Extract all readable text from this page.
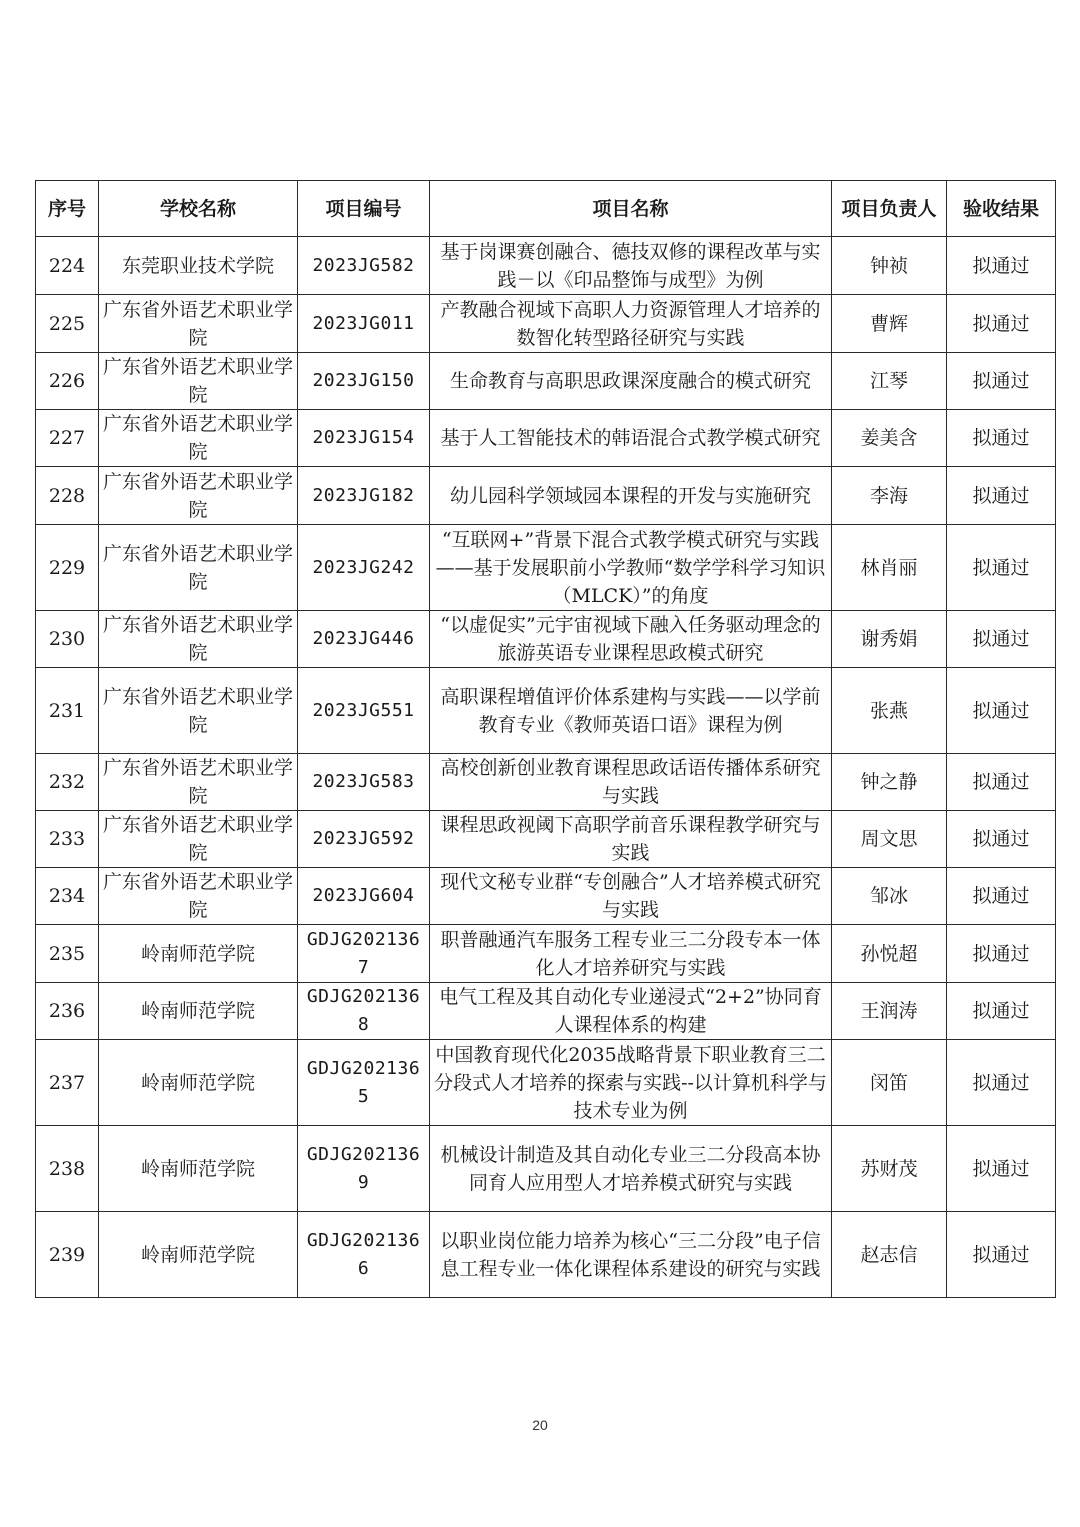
序号	学校名称	项目编号	项目名称	项目负责人	验收结果
224	东莞职业技术学院	2023JG582	基于岗课赛创融合、德技双修的课程改革与实践－以《印品整饰与成型》为例	钟祯	拟通过
225	广东省外语艺术职业学院	2023JG011	产教融合视域下高职人力资源管理人才培养的数智化转型路径研究与实践	曹辉	拟通过
226	广东省外语艺术职业学院	2023JG150	生命教育与高职思政课深度融合的模式研究	江琴	拟通过
227	广东省外语艺术职业学院	2023JG154	基于人工智能技术的韩语混合式教学模式研究	姜美含	拟通过
228	广东省外语艺术职业学院	2023JG182	幼儿园科学领域园本课程的开发与实施研究	李海	拟通过
229	广东省外语艺术职业学院	2023JG242	“互联网+”背景下混合式教学模式研究与实践——基于发展职前小学教师“数学学科学习知识（MLCK）”的角度	林肖丽	拟通过
230	广东省外语艺术职业学院	2023JG446	“以虚促实”元宇宙视域下融入任务驱动理念的旅游英语专业课程思政模式研究	谢秀娟	拟通过
231	广东省外语艺术职业学院	2023JG551	高职课程增值评价体系建构与实践——以学前教育专业《教师英语口语》课程为例	张燕	拟通过
232	广东省外语艺术职业学院	2023JG583	高校创新创业教育课程思政话语传播体系研究与实践	钟之静	拟通过
233	广东省外语艺术职业学院	2023JG592	课程思政视阈下高职学前音乐课程教学研究与实践	周文思	拟通过
234	广东省外语艺术职业学院	2023JG604	现代文秘专业群“专创融合”人才培养模式研究与实践	邹冰	拟通过
235	岭南师范学院	GDJG2021367	职普融通汽车服务工程专业三二分段专本一体化人才培养研究与实践	孙悦超	拟通过
236	岭南师范学院	GDJG2021368	电气工程及其自动化专业递浸式“2+2”协同育人课程体系的构建	王润涛	拟通过
237	岭南师范学院	GDJG2021365	中国教育现代化2035战略背景下职业教育三二分段式人才培养的探索与实践--以计算机科学与技术专业为例	闵笛	拟通过
238	岭南师范学院	GDJG2021369	机械设计制造及其自动化专业三二分段高本协同育人应用型人才培养模式研究与实践	苏财茂	拟通过
239	岭南师范学院	GDJG2021366	以职业岗位能力培养为核心“三二分段”电子信息工程专业一体化课程体系建设的研究与实践	赵志信	拟通过
20
